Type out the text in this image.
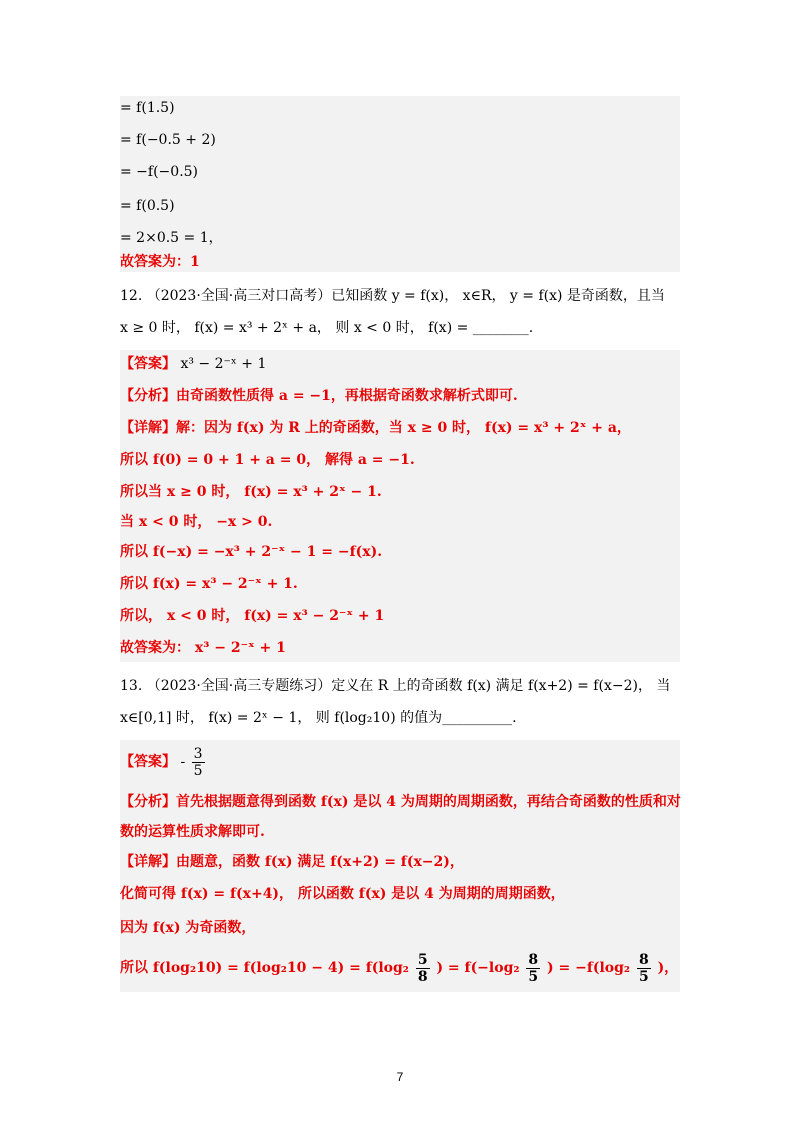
= f(1.5)
= f(−0.5 + 2)
= −f(−0.5)
= f(0.5)
= 2×0.5 = 1，
故答案为：1
12. （2023·全国·高三对口高考）已知函数 y = f(x)， x∈R， y = f(x) 是奇函数，且当
x ≥ 0 时， f(x) = x³ + 2ˣ + a， 则 x < 0 时， f(x) = ________.
【答案】 x³ − 2⁻ˣ + 1
【分析】由奇函数性质得 a = −1，再根据奇函数求解析式即可.
【详解】解：因为 f(x) 为 R 上的奇函数，当 x ≥ 0 时， f(x) = x³ + 2ˣ + a，
所以 f(0) = 0 + 1 + a = 0， 解得 a = −1.
所以当 x ≥ 0 时， f(x) = x³ + 2ˣ − 1.
当 x < 0 时， −x > 0.
所以 f(−x) = −x³ + 2⁻ˣ − 1 = −f(x).
所以 f(x) = x³ − 2⁻ˣ + 1.
所以， x < 0 时， f(x) = x³ − 2⁻ˣ + 1
故答案为： x³ − 2⁻ˣ + 1
13. （2023·全国·高三专题练习）定义在 R 上的奇函数 f(x) 满足 f(x+2) = f(x−2)， 当
x∈[0,1] 时， f(x) = 2ˣ − 1， 则 f(log₂10) 的值为__________.
【答案】 - $\frac{3}{5}$
【分析】首先根据题意得到函数 f(x) 是以 4 为周期的周期函数，再结合奇函数的性质和对
数的运算性质求解即可.
【详解】由题意，函数 f(x) 满足 f(x+2) = f(x−2)，
化简可得 f(x) = f(x+4)， 所以函数 f(x) 是以 4 为周期的周期函数，
因为 f(x) 为奇函数，
所以 $f(\log_210) = f(\log_210 - 4) = f(\log_2 \frac{5}{8}$ ) = $f(-\log_2 \frac{8}{5}$ ) = $-f(\log_2 \frac{8}{5}$ )，
7
